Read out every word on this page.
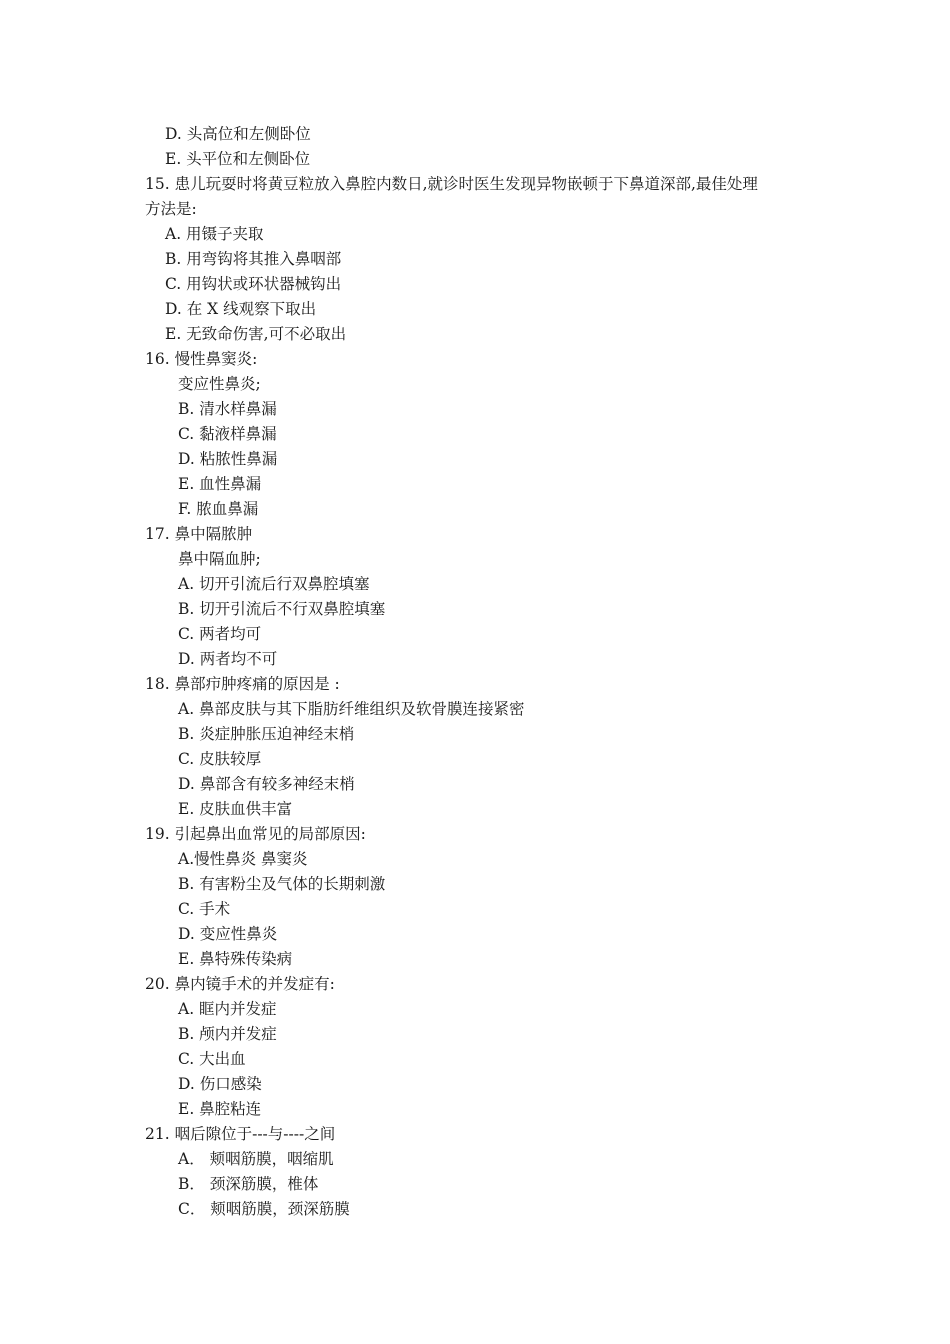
D. 头高位和左侧卧位
E. 头平位和左侧卧位
15. 患儿玩耍时将黄豆粒放入鼻腔内数日,就诊时医生发现异物嵌顿于下鼻道深部,最佳处理
方法是:
A. 用镊子夹取
B. 用弯钩将其推入鼻咽部
C. 用钩状或环状器械钩出
D. 在 X 线观察下取出
E. 无致命伤害,可不必取出
16. 慢性鼻窦炎:
变应性鼻炎;
B. 清水样鼻漏
C. 黏液样鼻漏
D. 粘脓性鼻漏
E. 血性鼻漏
F. 脓血鼻漏
17. 鼻中隔脓肿
鼻中隔血肿;
A. 切开引流后行双鼻腔填塞
B. 切开引流后不行双鼻腔填塞
C. 两者均可
D. 两者均不可
18. 鼻部疖肿疼痛的原因是 :
A. 鼻部皮肤与其下脂肪纤维组织及软骨膜连接紧密
B. 炎症肿胀压迫神经末梢
C. 皮肤较厚
D. 鼻部含有较多神经末梢
E. 皮肤血供丰富
19. 引起鼻出血常见的局部原因:
A.慢性鼻炎 鼻窦炎
B. 有害粉尘及气体的长期刺激
C. 手术
D. 变应性鼻炎
E. 鼻特殊传染病
20. 鼻内镜手术的并发症有:
A. 眶内并发症
B. 颅内并发症
C. 大出血
D. 伤口感染
E. 鼻腔粘连
21. 咽后隙位于---与----之间
A． 颊咽筋膜，咽缩肌
B． 颈深筋膜，椎体
C． 颊咽筋膜，颈深筋膜
